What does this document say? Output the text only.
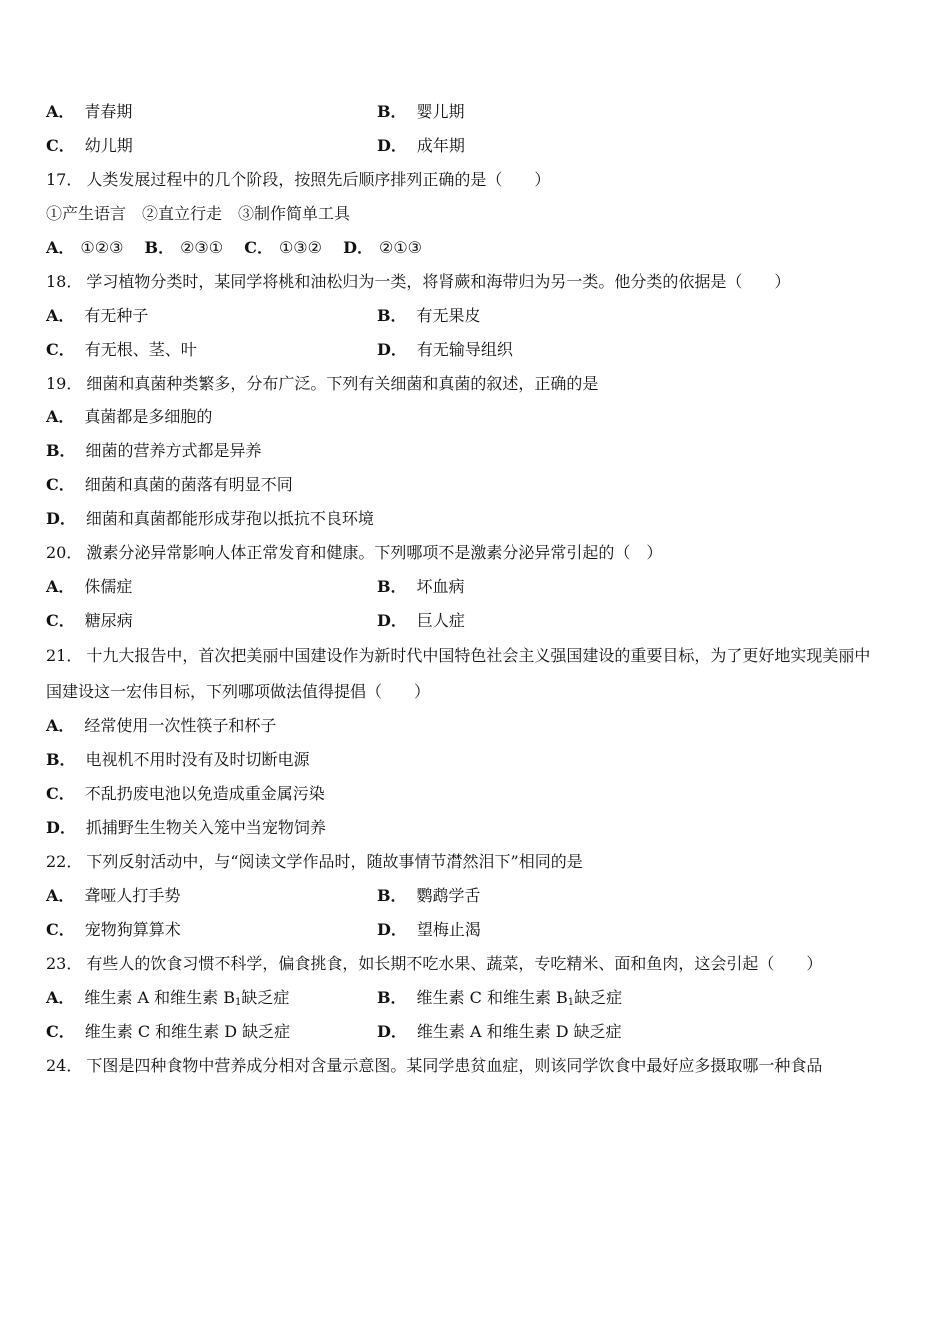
A． 青春期	B． 婴儿期
C． 幼儿期	D． 成年期
17． 人类发展过程中的几个阶段，按照先后顺序排列正确的是（　　）
①产生语言　②直立行走　③制作简单工具
A． ①②③ B． ②③① C． ①③② D． ②①③
18． 学习植物分类时，某同学将桃和油松归为一类，将肾蕨和海带归为另一类。他分类的依据是（　　）
A． 有无种子	B． 有无果皮
C． 有无根、茎、叶	D． 有无输导组织
19． 细菌和真菌种类繁多，分布广泛。下列有关细菌和真菌的叙述，正确的是
A． 真菌都是多细胞的
B． 细菌的营养方式都是异养
C． 细菌和真菌的菌落有明显不同
D． 细菌和真菌都能形成芽孢以抵抗不良环境
20． 激素分泌异常影响人体正常发育和健康。下列哪项不是激素分泌异常引起的（　）
A． 侏儒症	B． 坏血病
C． 糖尿病	D． 巨人症
21． 十九大报告中，首次把美丽中国建设作为新时代中国特色社会主义强国建设的重要目标，为了更好地实现美丽中
国建设这一宏伟目标，下列哪项做法值得提倡（　　）
A． 经常使用一次性筷子和杯子
B． 电视机不用时没有及时切断电源
C． 不乱扔废电池以免造成重金属污染
D． 抓捕野生生物关入笼中当宠物饲养
22． 下列反射活动中，与“阅读文学作品时，随故事情节潸然泪下”相同的是
A． 聋哑人打手势	B． 鹦鹉学舌
C． 宠物狗算算术	D． 望梅止渴
23． 有些人的饮食习惯不科学，偏食挑食，如长期不吃水果、蔬菜，专吃精米、面和鱼肉，这会引起（　　）
A． 维生素 A 和维生素 $B_1$缺乏症	B． 维生素 C 和维生素 $B_1$缺乏症
C． 维生素 C 和维生素 D 缺乏症	D． 维生素 A 和维生素 D 缺乏症
24． 下图是四种食物中营养成分相对含量示意图。某同学患贫血症，则该同学饮食中最好应多摄取哪一种食品
